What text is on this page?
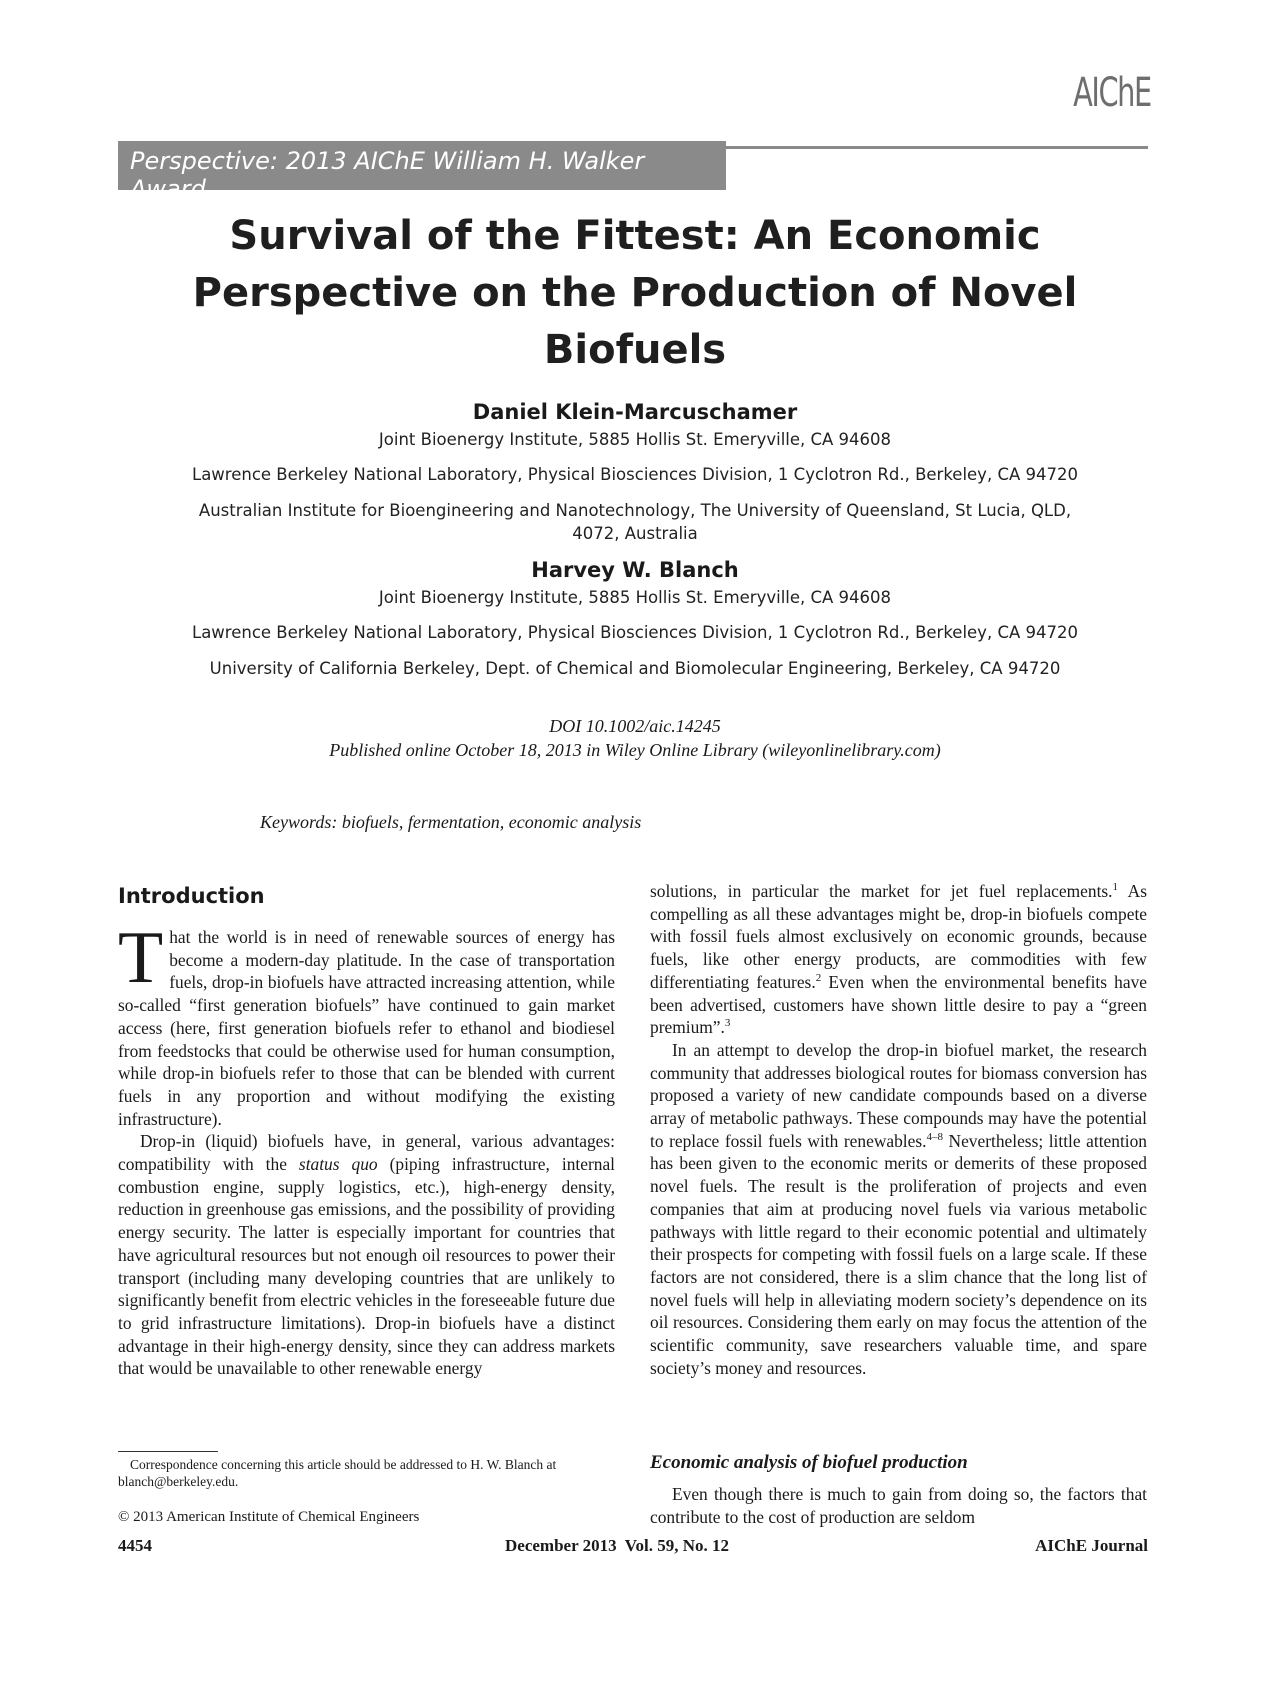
AIChE
Perspective: 2013 AIChE William H. Walker Award
Survival of the Fittest: An Economic
Perspective on the Production of Novel
Biofuels
Daniel Klein-Marcuschamer
Joint Bioenergy Institute, 5885 Hollis St. Emeryville, CA 94608
Lawrence Berkeley National Laboratory, Physical Biosciences Division, 1 Cyclotron Rd., Berkeley, CA 94720
Australian Institute for Bioengineering and Nanotechnology, The University of Queensland, St Lucia, QLD, 4072, Australia
Harvey W. Blanch
Joint Bioenergy Institute, 5885 Hollis St. Emeryville, CA 94608
Lawrence Berkeley National Laboratory, Physical Biosciences Division, 1 Cyclotron Rd., Berkeley, CA 94720
University of California Berkeley, Dept. of Chemical and Biomolecular Engineering, Berkeley, CA 94720
DOI 10.1002/aic.14245
Published online October 18, 2013 in Wiley Online Library (wileyonlinelibrary.com)
Keywords: biofuels, fermentation, economic analysis
Introduction

That the world is in need of renewable sources of energy has become a modern-day platitude. In the case of transportation fuels, drop-in biofuels have attracted increasing attention, while so-called “first generation biofuels” have continued to gain market access (here, first generation biofuels refer to ethanol and biodiesel from feedstocks that could be otherwise used for human consumption, while drop-in biofuels refer to those that can be blended with current fuels in any proportion and without modifying the existing infrastructure).

Drop-in (liquid) biofuels have, in general, various advantages: compatibility with the status quo (piping infrastructure, internal combustion engine, supply logistics, etc.), high-energy density, reduction in greenhouse gas emissions, and the possibility of providing energy security. The latter is especially important for countries that have agricultural resources but not enough oil resources to power their transport (including many developing countries that are unlikely to significantly benefit from electric vehicles in the foreseeable future due to grid infrastructure limitations). Drop-in biofuels have a distinct advantage in their high-energy density, since they can address markets that would be unavailable to other renewable energy

solutions, in particular the market for jet fuel replacements.$^1$ As compelling as all these advantages might be, drop-in biofuels compete with fossil fuels almost exclusively on economic grounds, because fuels, like other energy products, are commodities with few differentiating features.$^2$ Even when the environmental benefits have been advertised, customers have shown little desire to pay a “green premium”.$^3$

In an attempt to develop the drop-in biofuel market, the research community that addresses biological routes for biomass conversion has proposed a variety of new candidate compounds based on a diverse array of metabolic pathways. These compounds may have the potential to replace fossil fuels with renewables.$^{4-8}$ Nevertheless; little attention has been given to the economic merits or demerits of these proposed novel fuels. The result is the proliferation of projects and even companies that aim at producing novel fuels via various metabolic pathways with little regard to their economic potential and ultimately their prospects for competing with fossil fuels on a large scale. If these factors are not considered, there is a slim chance that the long list of novel fuels will help in alleviating modern society’s dependence on its oil resources. Considering them early on may focus the attention of the scientific community, save researchers valuable time, and spare society’s money and resources.

Economic analysis of biofuel production

Even though there is much to gain from doing so, the factors that contribute to the cost of production are seldom

Correspondence concerning this article should be addressed to H. W. Blanch at blanch@berkeley.edu.
© 2013 American Institute of Chemical Engineers
4454	December 2013  Vol. 59, No. 12	AIChE Journal
